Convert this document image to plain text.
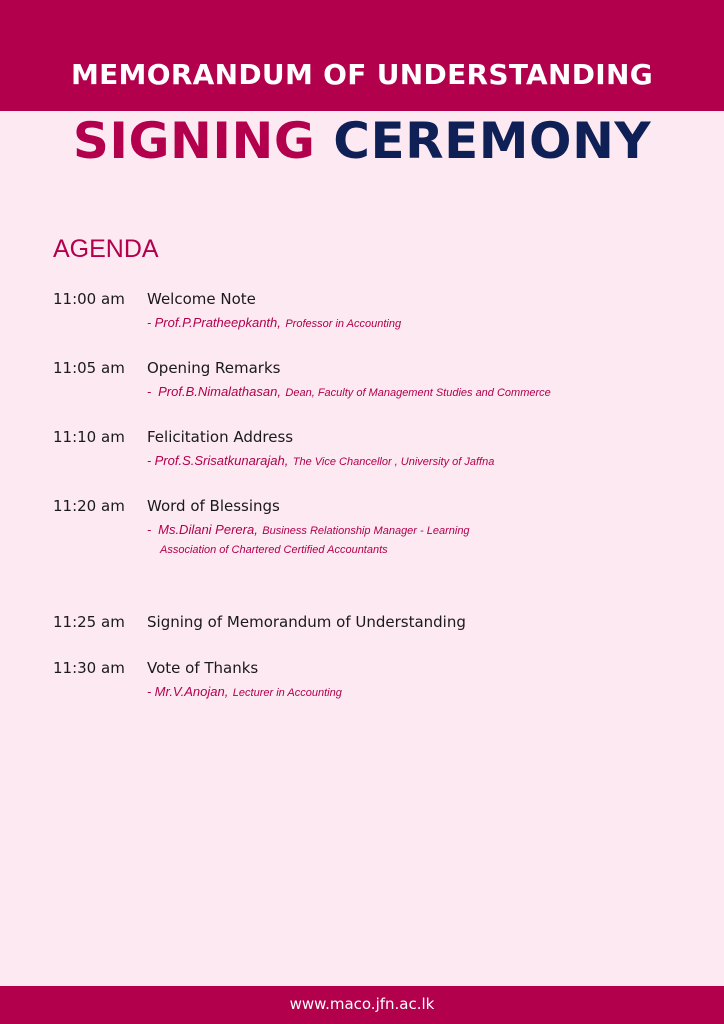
MEMORANDUM OF UNDERSTANDING
SIGNING CEREMONY
AGENDA
11:00 am Welcome Note
- Prof.P.Pratheepkanth, Professor in Accounting
11:05 am Opening Remarks
-  Prof.B.Nimalathasan, Dean, Faculty of Management Studies and Commerce
11:10 am Felicitation Address
- Prof.S.Srisatkunarajah, The Vice Chancellor , University of Jaffna
11:20 am Word of Blessings
-  Ms.Dilani Perera, Business Relationship Manager - Learning
Association of Chartered Certified Accountants
11:25 am Signing of Memorandum of Understanding
11:30 am Vote of Thanks
- Mr.V.Anojan, Lecturer in Accounting
www.maco.jfn.ac.lk
